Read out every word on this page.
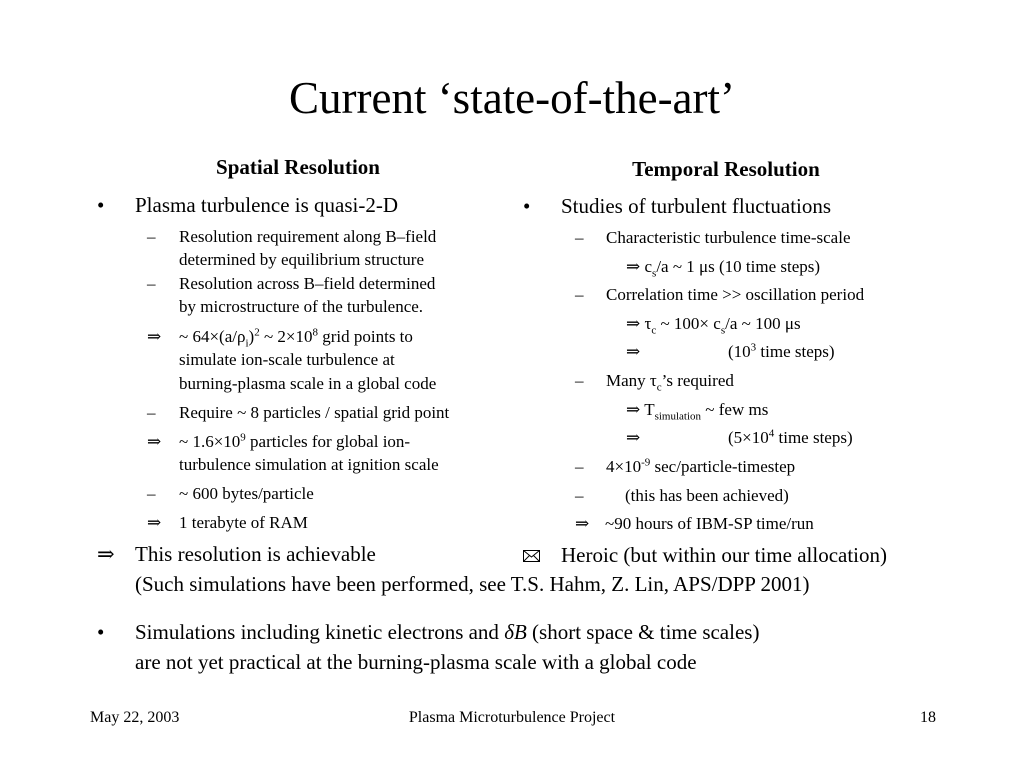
Current ‘state-of-the-art’
Spatial Resolution
• Plasma turbulence is quasi-2-D
– Resolution requirement along B–field
determined by equilibrium structure
– Resolution across B–field determined
by microstructure of the turbulence.
⇒ ~ $64\times(a/\rho_i)^2$ ~ $2\times 10^8$ grid points to
simulate ion-scale turbulence at
burning-plasma scale in a global code
– Require ~ 8 particles / spatial grid point
⇒ ~ $1.6\times 10^9$ particles for global ion-
turbulence simulation at ignition scale
– ~ 600 bytes/particle
⇒ 1 terabyte of RAM
⇒ This resolution is achievable
Temporal Resolution
• Studies of turbulent fluctuations
– Characteristic turbulence time-scale
⇒ $c_s/a$ ~ 1 μs (10 time steps)
– Correlation time >> oscillation period
⇒ $\tau_c$ ~ $100\times c_s/a$ ~ 100 μs
⇒	($10^3$ time steps)
– Many $\tau_c’s$ required
⇒ $T_{simulation}$ ~ few ms
⇒	($5\times 10^4$ time steps)
– $4\times 10^{-9}$ sec/particle-timestep
– (this has been achieved)
⇒ ~90 hours of IBM-SP time/run
Heroic (but within our time allocation)
(Such simulations have been performed, see T.S. Hahm, Z. Lin, APS/DPP 2001)
• Simulations including kinetic electrons and δB (short space & time scales)
are not yet practical at the burning-plasma scale with a global code
May 22, 2003	Plasma Microturbulence Project	18
